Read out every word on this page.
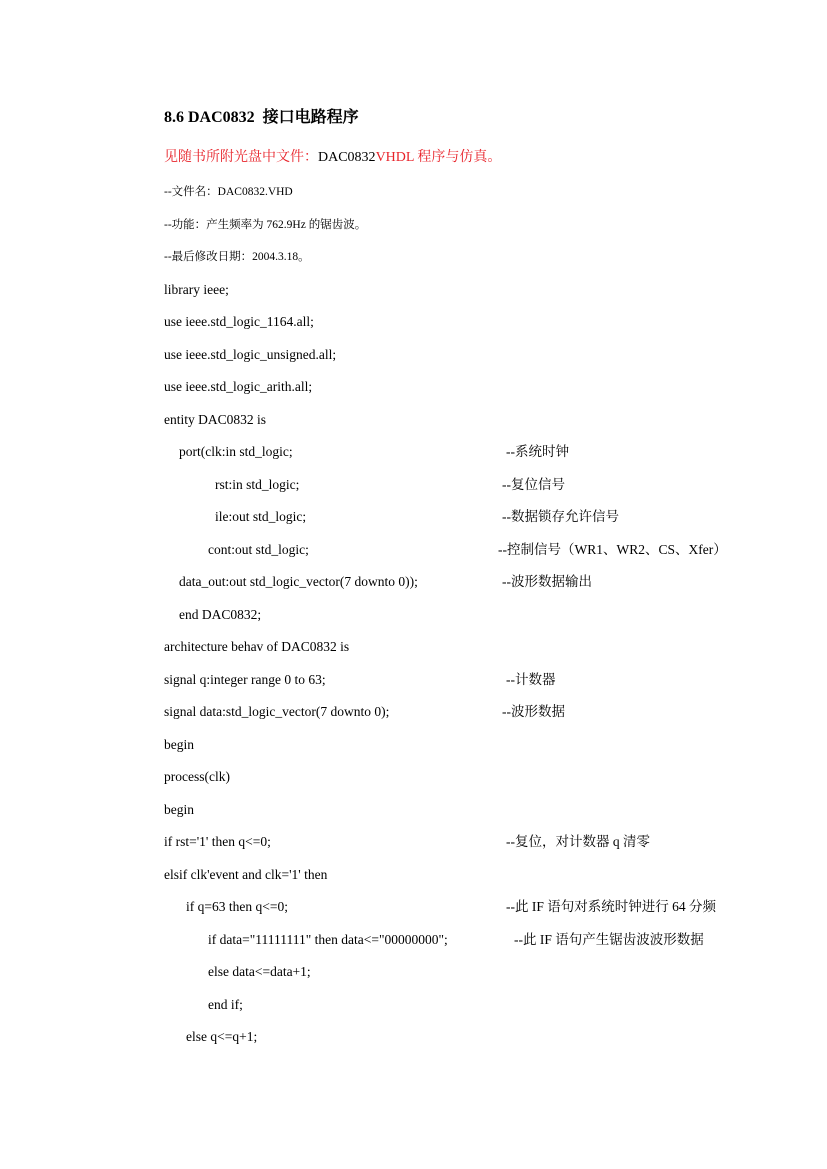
8.6 DAC0832  接口电路程序
见随书所附光盘中文件：DAC0832VHDL 程序与仿真。
--文件名：DAC0832.VHD
--功能：产生频率为 762.9Hz 的锯齿波。
--最后修改日期：2004.3.18。
library ieee;
use ieee.std_logic_1164.all;
use ieee.std_logic_unsigned.all;
use ieee.std_logic_arith.all;
entity DAC0832 is
port(clk:in std_logic;	--系统时钟
rst:in std_logic;	--复位信号
ile:out std_logic;	--数据锁存允许信号
cont:out std_logic;	--控制信号（WR1、WR2、CS、Xfer）
data_out:out std_logic_vector(7 downto 0));	--波形数据输出
end DAC0832;
architecture behav of DAC0832 is
signal q:integer range 0 to 63;	--计数器
signal data:std_logic_vector(7 downto 0);	--波形数据
begin
process(clk)
begin
if rst='1' then q<=0;	--复位，对计数器 q 清零
elsif clk'event and clk='1' then
if q=63 then q<=0;	--此 IF 语句对系统时钟进行 64 分频
if data="11111111" then data<="00000000";	--此 IF 语句产生锯齿波波形数据
else data<=data+1;
end if;
else q<=q+1;
